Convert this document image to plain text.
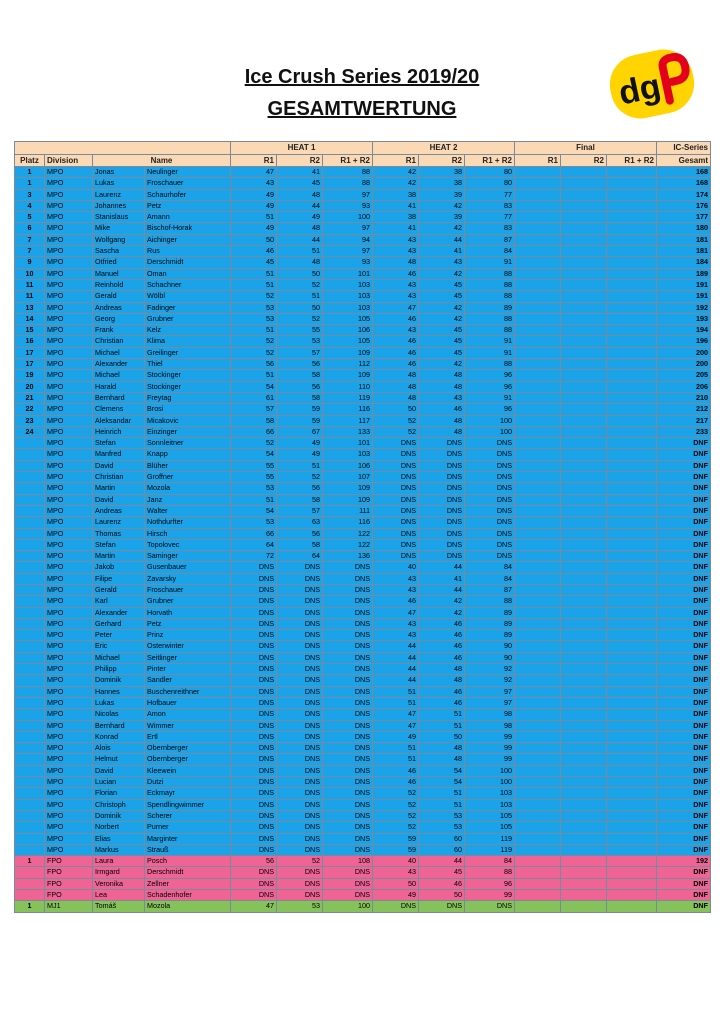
Ice Crush Series 2019/20
GESAMTWERTUNG	dg
				HEAT 1			HEAT 2			Final			IC-Series
Platz	Division	Name		R1	R2	R1 + R2	R1	R2	R1 + R2	R1	R2	R1 + R2	Gesamt
1	MPO	Jonas	Neulinger	47	41	88	42	38	80				168
1	MPO	Lukas	Froschauer	43	45	88	42	38	80				168
3	MPO	Laurenz	Schaurhofer	49	48	97	38	39	77				174
4	MPO	Johannes	Petz	49	44	93	41	42	83				176
5	MPO	Stanislaus	Amann	51	49	100	38	39	77				177
6	MPO	Mike	Bischof-Horak	49	48	97	41	42	83				180
7	MPO	Wolfgang	Aichinger	50	44	94	43	44	87				181
7	MPO	Sascha	Rus	46	51	97	43	41	84				181
9	MPO	Otfried	Derschmidt	45	48	93	48	43	91				184
10	MPO	Manuel	Oman	51	50	101	46	42	88				189
11	MPO	Reinhold	Schachner	51	52	103	43	45	88				191
11	MPO	Gerald	Wölbl	52	51	103	43	45	88				191
13	MPO	Andreas	Fadinger	53	50	103	47	42	89				192
14	MPO	Georg	Grubner	53	52	105	46	42	88				193
15	MPO	Frank	Kelz	51	55	106	43	45	88				194
16	MPO	Christian	Klima	52	53	105	46	45	91				196
17	MPO	Michael	Greilinger	52	57	109	46	45	91				200
17	MPO	Alexander	Thiel	56	56	112	46	42	88				200
19	MPO	Michael	Stockinger	51	58	109	48	48	96				205
20	MPO	Harald	Stockinger	54	56	110	48	48	96				206
21	MPO	Bernhard	Freytag	61	58	119	48	43	91				210
22	MPO	Clemens	Brosi	57	59	116	50	46	96				212
23	MPO	Aleksandar	Micakovic	58	59	117	52	48	100				217
24	MPO	Heinrich	Einzinger	66	67	133	52	48	100				233
	MPO	Stefan	Sonnleitner	52	49	101	DNS	DNS	DNS				DNF
	MPO	Manfred	Knapp	54	49	103	DNS	DNS	DNS				DNF
	MPO	David	Blüher	55	51	106	DNS	DNS	DNS				DNF
	MPO	Christian	Groffner	55	52	107	DNS	DNS	DNS				DNF
	MPO	Martin	Mozola	53	56	109	DNS	DNS	DNS				DNF
	MPO	David	Janz	51	58	109	DNS	DNS	DNS				DNF
	MPO	Andreas	Walter	54	57	111	DNS	DNS	DNS				DNF
	MPO	Laurenz	Nothdurfter	53	63	116	DNS	DNS	DNS				DNF
	MPO	Thomas	Hirsch	66	56	122	DNS	DNS	DNS				DNF
	MPO	Stefan	Topolovec	64	58	122	DNS	DNS	DNS				DNF
	MPO	Martin	Saminger	72	64	136	DNS	DNS	DNS				DNF
	MPO	Jakob	Gusenbauer	DNS	DNS	DNS	40	44	84				DNF
	MPO	Filipe	Zavarsky	DNS	DNS	DNS	43	41	84				DNF
	MPO	Gerald	Froschauer	DNS	DNS	DNS	43	44	87				DNF
	MPO	Karl	Grubner	DNS	DNS	DNS	46	42	88				DNF
	MPO	Alexander	Horvath	DNS	DNS	DNS	47	42	89				DNF
	MPO	Gerhard	Petz	DNS	DNS	DNS	43	46	89				DNF
	MPO	Peter	Prinz	DNS	DNS	DNS	43	46	89				DNF
	MPO	Eric	Osterwinter	DNS	DNS	DNS	44	46	90				DNF
	MPO	Michael	Seitlinger	DNS	DNS	DNS	44	46	90				DNF
	MPO	Philipp	Pinter	DNS	DNS	DNS	44	48	92				DNF
	MPO	Dominik	Sandler	DNS	DNS	DNS	44	48	92				DNF
	MPO	Hannes	Buschenreithner	DNS	DNS	DNS	51	46	97				DNF
	MPO	Lukas	Hofbauer	DNS	DNS	DNS	51	46	97				DNF
	MPO	Nicolas	Amon	DNS	DNS	DNS	47	51	98				DNF
	MPO	Bernhard	Wimmer	DNS	DNS	DNS	47	51	98				DNF
	MPO	Konrad	Ertl	DNS	DNS	DNS	49	50	99				DNF
	MPO	Alois	Obernberger	DNS	DNS	DNS	51	48	99				DNF
	MPO	Helmut	Obernberger	DNS	DNS	DNS	51	48	99				DNF
	MPO	David	Kleewein	DNS	DNS	DNS	46	54	100				DNF
	MPO	Lucian	Dutzi	DNS	DNS	DNS	46	54	100				DNF
	MPO	Florian	Eckmayr	DNS	DNS	DNS	52	51	103				DNF
	MPO	Christoph	Spendlingwimmer	DNS	DNS	DNS	52	51	103				DNF
	MPO	Dominik	Scherer	DNS	DNS	DNS	52	53	105				DNF
	MPO	Norbert	Purner	DNS	DNS	DNS	52	53	105				DNF
	MPO	Elias	Marginter	DNS	DNS	DNS	59	60	119				DNF
	MPO	Markus	Strauß	DNS	DNS	DNS	59	60	119				DNF
1	FPO	Laura	Posch	56	52	108	40	44	84				192
	FPO	Irmgard	Derschmidt	DNS	DNS	DNS	43	45	88				DNF
	FPO	Veronika	Zellner	DNS	DNS	DNS	50	46	96				DNF
	FPO	Lea	Schadenhofer	DNS	DNS	DNS	49	50	99				DNF
1	MJ1	Tomáš	Mozola	47	53	100	DNS	DNS	DNS				DNF
